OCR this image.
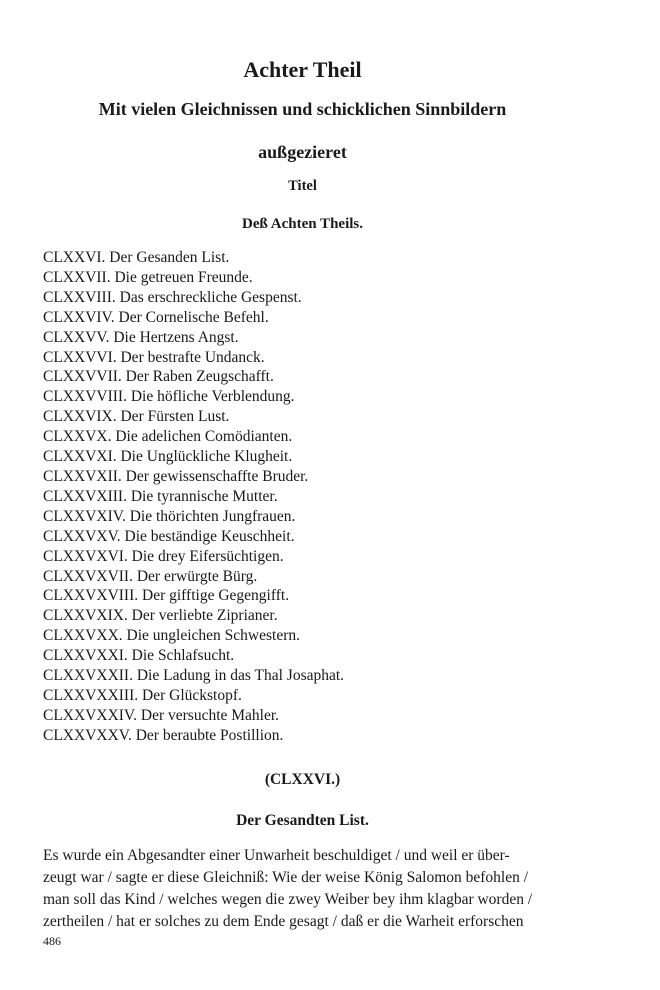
Achter Theil
Mit vielen Gleichnissen und schicklichen Sinnbildern
außgezieret
Titel
Deß Achten Theils.
CLXXVI. Der Gesanden List.
CLXXVII. Die getreuen Freunde.
CLXXVIII. Das erschreckliche Gespenst.
CLXXVIV. Der Cornelische Befehl.
CLXXVV. Die Hertzens Angst.
CLXXVVI. Der bestrafte Undanck.
CLXXVVII. Der Raben Zeugschafft.
CLXXVVIII. Die höfliche Verblendung.
CLXXVIX. Der Fürsten Lust.
CLXXVX. Die adelichen Comödianten.
CLXXVXI. Die Unglückliche Klugheit.
CLXXVXII. Der gewissenschaffte Bruder.
CLXXVXIII. Die tyrannische Mutter.
CLXXVXIV. Die thörichten Jungfrauen.
CLXXVXV. Die beständige Keuschheit.
CLXXVXVI. Die drey Eifersüchtigen.
CLXXVXVII. Der erwürgte Bürg.
CLXXVXVIII. Der gifftige Gegengifft.
CLXXVXIX. Der verliebte Ziprianer.
CLXXVXX. Die ungleichen Schwestern.
CLXXVXXI. Die Schlafsucht.
CLXXVXXII. Die Ladung in das Thal Josaphat.
CLXXVXXIII. Der Glückstopf.
CLXXVXXIV. Der versuchte Mahler.
CLXXVXXV. Der beraubte Postillion.
(CLXXVI.)
Der Gesandten List.

Es wurde ein Abgesandter einer Unwarheit beschuldiget / und weil er über-
zeugt war / sagte er diese Gleichniß: Wie der weise König Salomon befohlen /
man soll das Kind / welches wegen die zwey Weiber bey ihm klagbar worden /
zertheilen / hat er solches zu dem Ende gesagt / daß er die Warheit erforschen

486
